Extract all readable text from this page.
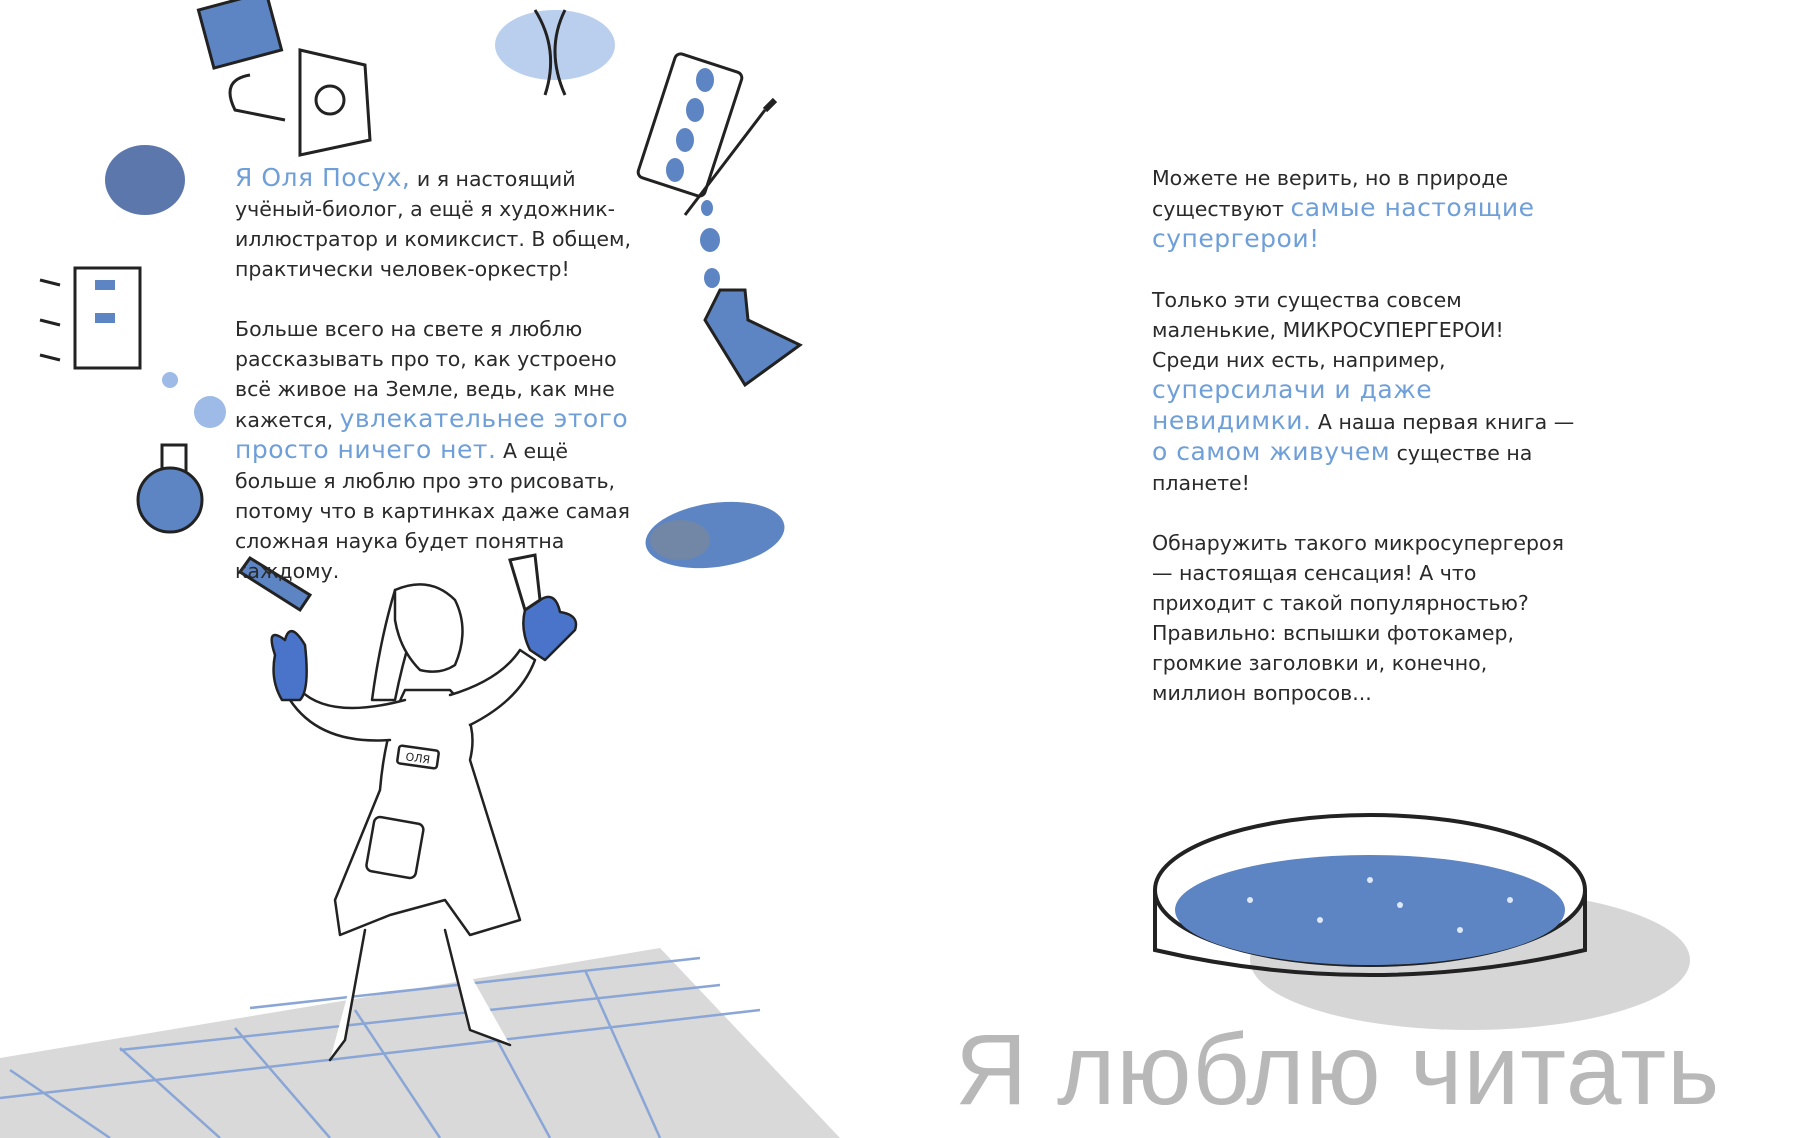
ОЛЯ

Я Оля Посух, и я настоящий учёный-биолог, а ещё я художник-иллюстратор и комиксист. В общем, практически человек-оркестр!

Больше всего на свете я люблю рассказывать про то, как устроено всё живое на Земле, ведь, как мне кажется, увлекательнее этого просто ничего нет. А ещё больше я люблю про это рисовать, потому что в картинках даже самая сложная наука будет понятна каждому.

Можете не верить, но в природе существуют самые настоящие супергерои!

Только эти существа совсем маленькие, МИКРОСУПЕРГЕРОИ! Среди них есть, например, суперсилачи и даже невидимки. А наша первая книга — о самом живучем существе на планете!

Обнаружить такого микросупергероя — настоящая сенсация! А что приходит с такой популярностью? Правильно: вспышки фотокамер, громкие заголовки и, конечно, миллион вопросов...

Я люблю читать
